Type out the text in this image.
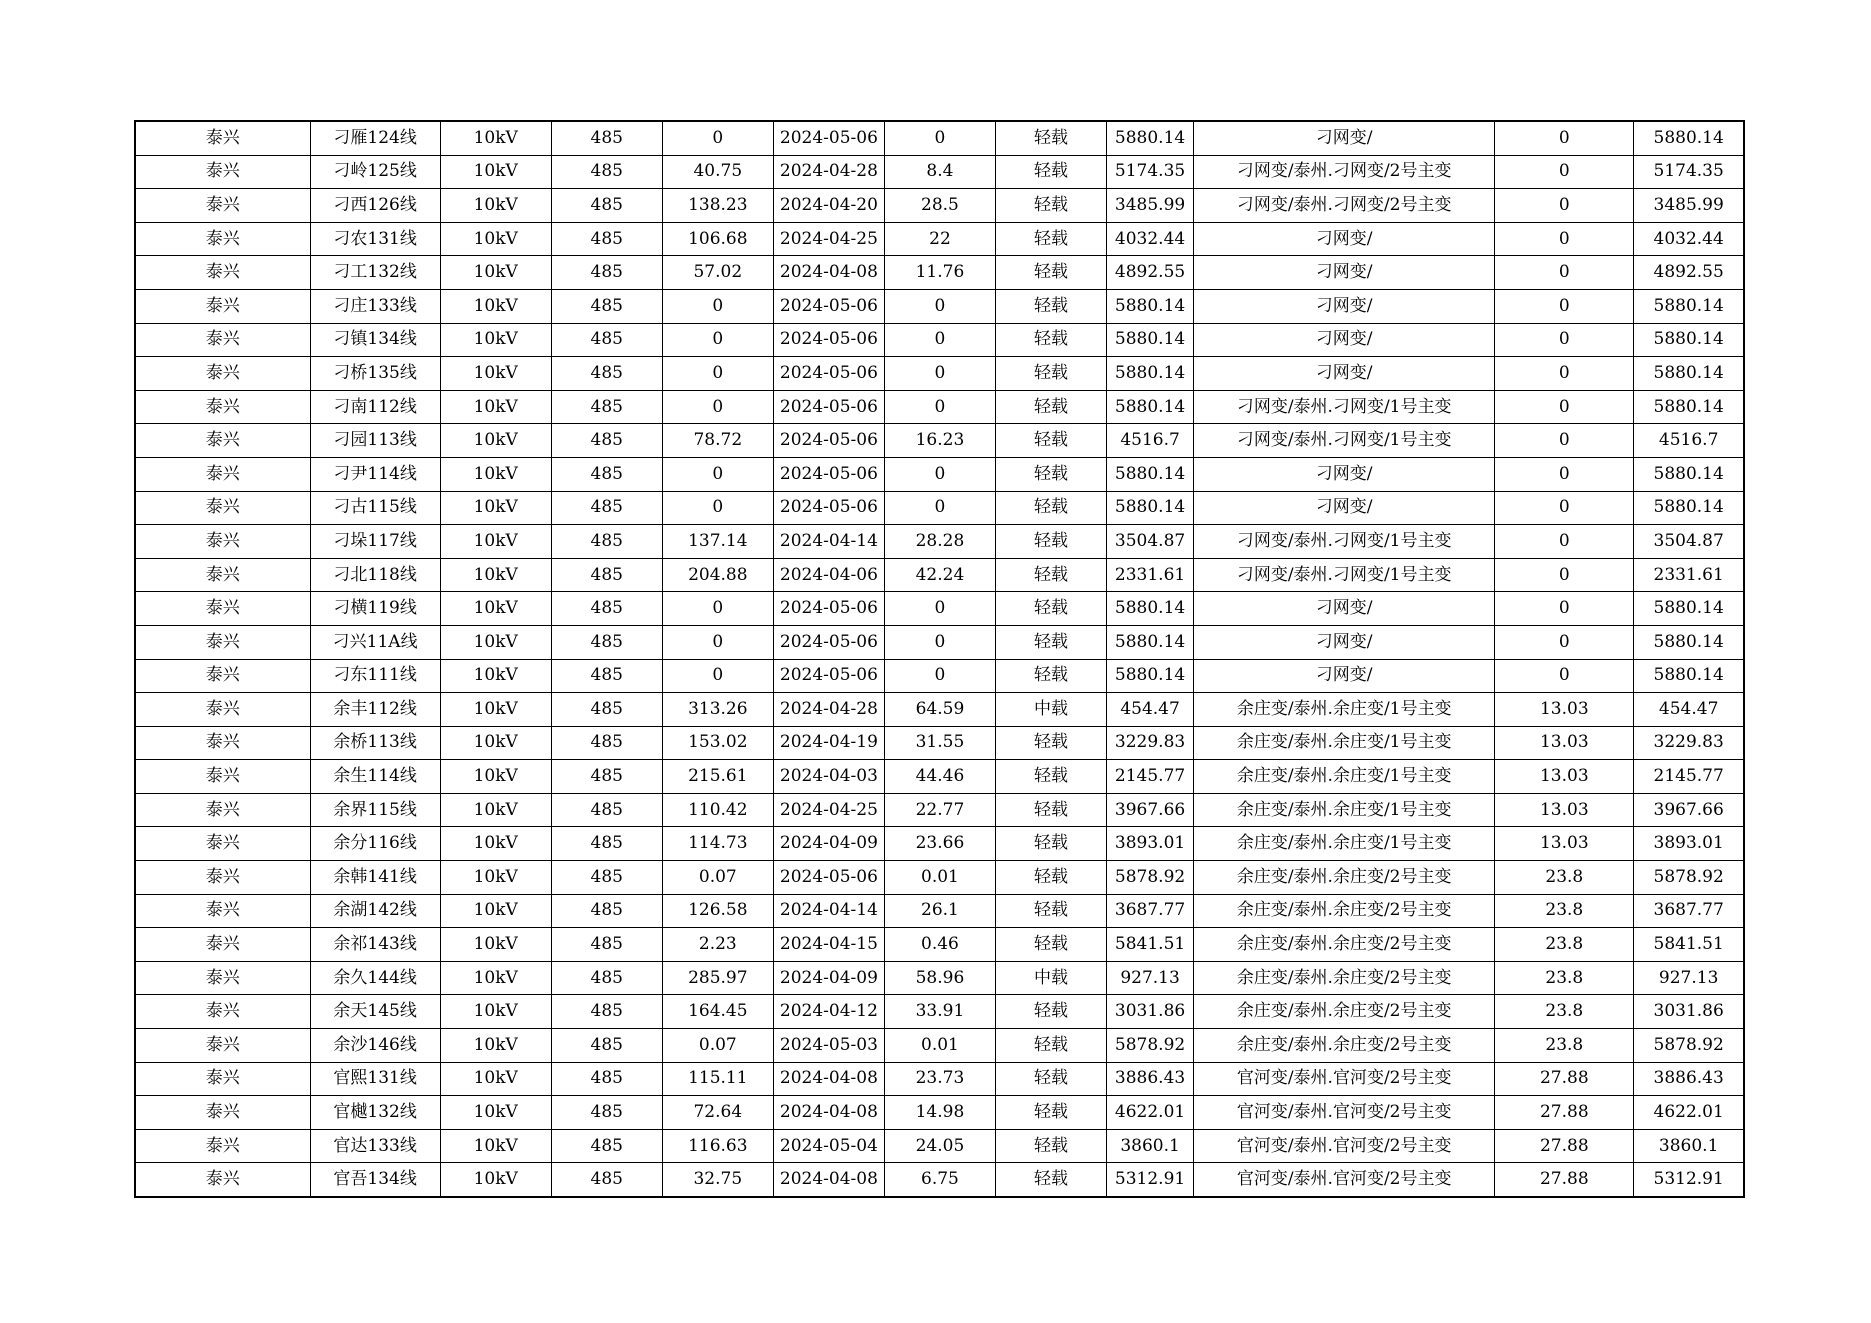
泰兴	刁雁124线	10kV	485	0	2024-05-06	0	轻载	5880.14	刁网变/	0	5880.14
泰兴	刁岭125线	10kV	485	40.75	2024-04-28	8.4	轻载	5174.35	刁网变/泰州.刁网变/2号主变	0	5174.35
泰兴	刁西126线	10kV	485	138.23	2024-04-20	28.5	轻载	3485.99	刁网变/泰州.刁网变/2号主变	0	3485.99
泰兴	刁农131线	10kV	485	106.68	2024-04-25	22	轻载	4032.44	刁网变/	0	4032.44
泰兴	刁工132线	10kV	485	57.02	2024-04-08	11.76	轻载	4892.55	刁网变/	0	4892.55
泰兴	刁庄133线	10kV	485	0	2024-05-06	0	轻载	5880.14	刁网变/	0	5880.14
泰兴	刁镇134线	10kV	485	0	2024-05-06	0	轻载	5880.14	刁网变/	0	5880.14
泰兴	刁桥135线	10kV	485	0	2024-05-06	0	轻载	5880.14	刁网变/	0	5880.14
泰兴	刁南112线	10kV	485	0	2024-05-06	0	轻载	5880.14	刁网变/泰州.刁网变/1号主变	0	5880.14
泰兴	刁园113线	10kV	485	78.72	2024-05-06	16.23	轻载	4516.7	刁网变/泰州.刁网变/1号主变	0	4516.7
泰兴	刁尹114线	10kV	485	0	2024-05-06	0	轻载	5880.14	刁网变/	0	5880.14
泰兴	刁古115线	10kV	485	0	2024-05-06	0	轻载	5880.14	刁网变/	0	5880.14
泰兴	刁垛117线	10kV	485	137.14	2024-04-14	28.28	轻载	3504.87	刁网变/泰州.刁网变/1号主变	0	3504.87
泰兴	刁北118线	10kV	485	204.88	2024-04-06	42.24	轻载	2331.61	刁网变/泰州.刁网变/1号主变	0	2331.61
泰兴	刁横119线	10kV	485	0	2024-05-06	0	轻载	5880.14	刁网变/	0	5880.14
泰兴	刁兴11A线	10kV	485	0	2024-05-06	0	轻载	5880.14	刁网变/	0	5880.14
泰兴	刁东111线	10kV	485	0	2024-05-06	0	轻载	5880.14	刁网变/	0	5880.14
泰兴	余丰112线	10kV	485	313.26	2024-04-28	64.59	中载	454.47	余庄变/泰州.余庄变/1号主变	13.03	454.47
泰兴	余桥113线	10kV	485	153.02	2024-04-19	31.55	轻载	3229.83	余庄变/泰州.余庄变/1号主变	13.03	3229.83
泰兴	余生114线	10kV	485	215.61	2024-04-03	44.46	轻载	2145.77	余庄变/泰州.余庄变/1号主变	13.03	2145.77
泰兴	余界115线	10kV	485	110.42	2024-04-25	22.77	轻载	3967.66	余庄变/泰州.余庄变/1号主变	13.03	3967.66
泰兴	余分116线	10kV	485	114.73	2024-04-09	23.66	轻载	3893.01	余庄变/泰州.余庄变/1号主变	13.03	3893.01
泰兴	余韩141线	10kV	485	0.07	2024-05-06	0.01	轻载	5878.92	余庄变/泰州.余庄变/2号主变	23.8	5878.92
泰兴	余湖142线	10kV	485	126.58	2024-04-14	26.1	轻载	3687.77	余庄变/泰州.余庄变/2号主变	23.8	3687.77
泰兴	余祁143线	10kV	485	2.23	2024-04-15	0.46	轻载	5841.51	余庄变/泰州.余庄变/2号主变	23.8	5841.51
泰兴	余久144线	10kV	485	285.97	2024-04-09	58.96	中载	927.13	余庄变/泰州.余庄变/2号主变	23.8	927.13
泰兴	余天145线	10kV	485	164.45	2024-04-12	33.91	轻载	3031.86	余庄变/泰州.余庄变/2号主变	23.8	3031.86
泰兴	余沙146线	10kV	485	0.07	2024-05-03	0.01	轻载	5878.92	余庄变/泰州.余庄变/2号主变	23.8	5878.92
泰兴	官熙131线	10kV	485	115.11	2024-04-08	23.73	轻载	3886.43	官河变/泰州.官河变/2号主变	27.88	3886.43
泰兴	官樾132线	10kV	485	72.64	2024-04-08	14.98	轻载	4622.01	官河变/泰州.官河变/2号主变	27.88	4622.01
泰兴	官达133线	10kV	485	116.63	2024-05-04	24.05	轻载	3860.1	官河变/泰州.官河变/2号主变	27.88	3860.1
泰兴	官吾134线	10kV	485	32.75	2024-04-08	6.75	轻载	5312.91	官河变/泰州.官河变/2号主变	27.88	5312.91
